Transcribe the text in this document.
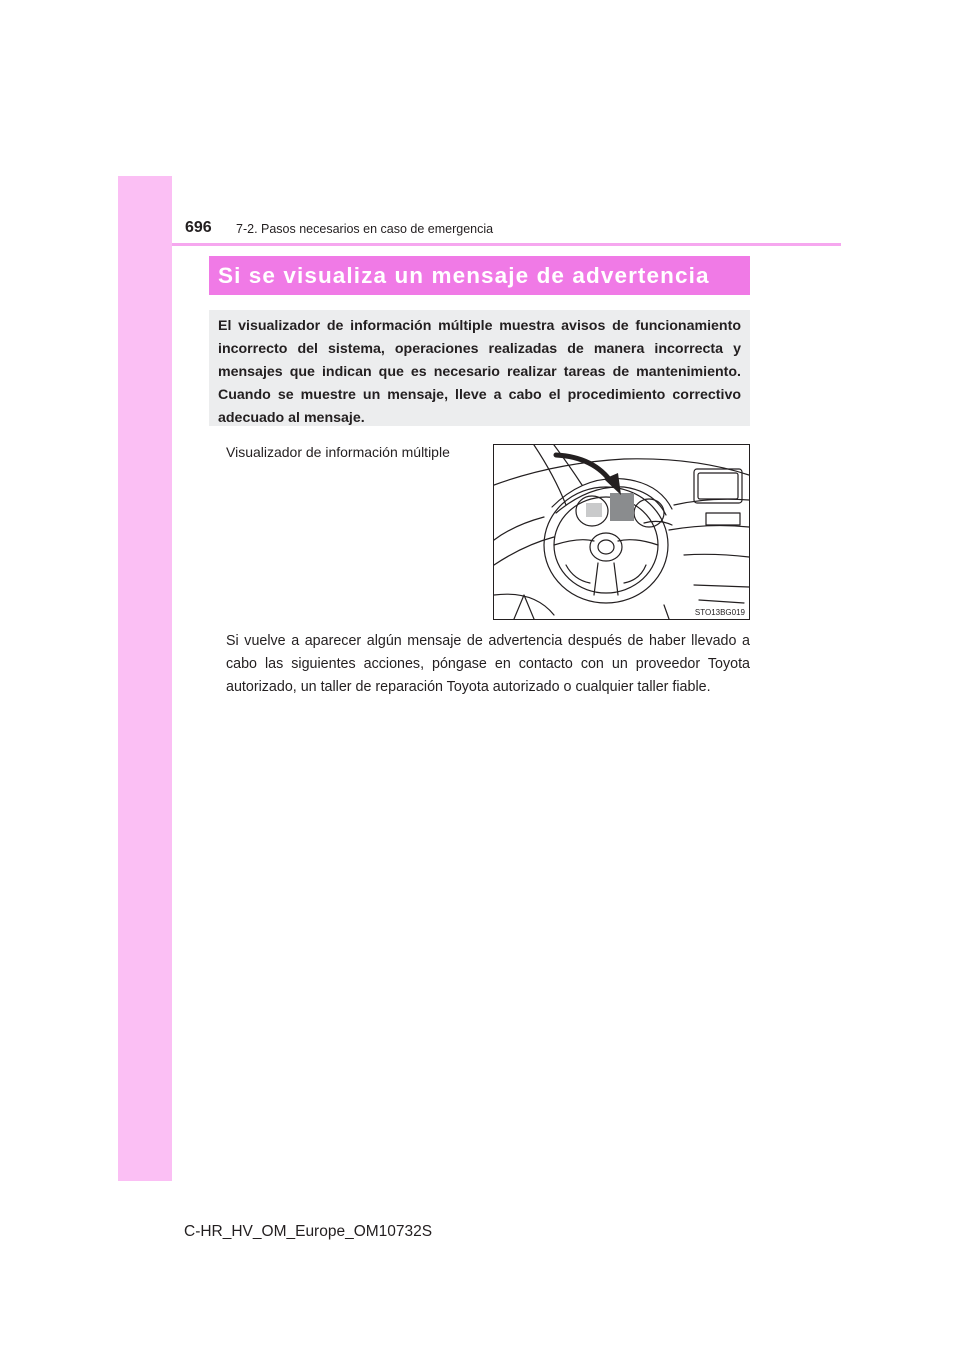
696 7-2. Pasos necesarios en caso de emergencia
Si se visualiza un mensaje de advertencia
El visualizador de información múltiple muestra avisos de funcionamiento incorrecto del sistema, operaciones realizadas de manera incorrecta y mensajes que indican que es necesario realizar tareas de mantenimiento. Cuando se muestre un mensaje, lleve a cabo el procedimiento correctivo adecuado al mensaje.
Visualizador de información múltiple
STO13BG019
Si vuelve a aparecer algún mensaje de advertencia después de haber llevado a cabo las siguientes acciones, póngase en contacto con un proveedor Toyota autorizado, un taller de reparación Toyota autorizado o cualquier taller fiable.
C-HR_HV_OM_Europe_OM10732S
